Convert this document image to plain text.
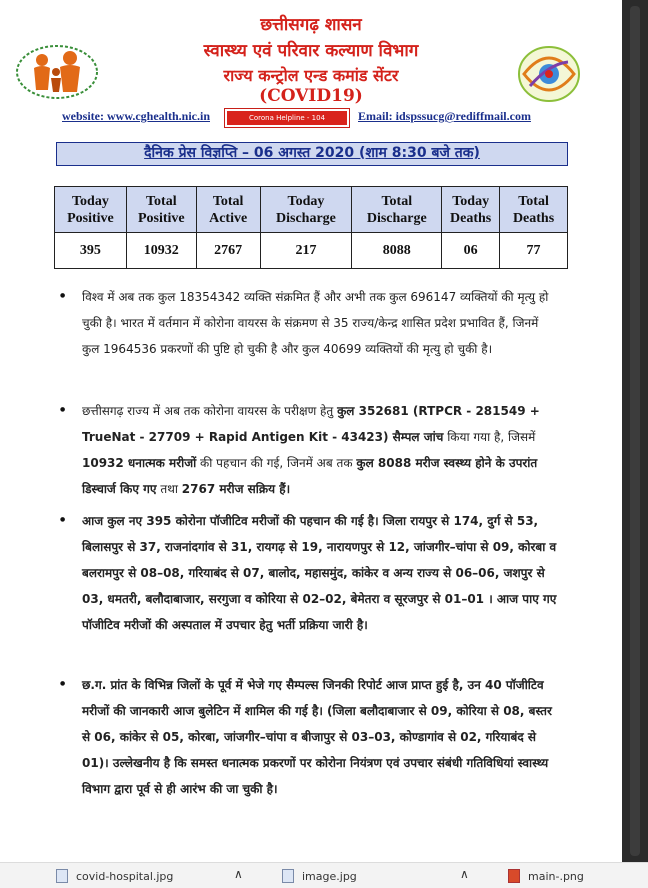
छत्तीसगढ़ शासन
स्वास्थ्य एवं परिवार कल्याण विभाग
राज्य कन्ट्रोल एन्ड कमांड सेंटर
(COVID19)
website: www.cghealth.nic.in	Corona Helpline - 104	Email: idspssucg@rediffmail.com
दैनिक प्रेस विज्ञप्ति – 06 अगस्त 2020 (शाम 8:30 बजे तक)
Today Positive	Total Positive	Total Active	Today Discharge	Total Discharge	Today Deaths	Total Deaths
395	10932	2767	217	8088	06	77
● विश्व में अब तक कुल 18354342 व्यक्ति संक्रमित हैं और अभी तक कुल 696147 व्यक्तियों की मृत्यु हो चुकी है। भारत में वर्तमान में कोरोना वायरस के संक्रमण से 35 राज्य/केन्द्र शासित प्रदेश प्रभावित हैं, जिनमें कुल 1964536 प्रकरणों की पुष्टि हो चुकी है और कुल 40699 व्यक्तियों की मृत्यु हो चुकी है।
● छत्तीसगढ़ राज्य में अब तक कोरोना वायरस के परीक्षण हेतु कुल 352681 (RTPCR - 281549 + TrueNat - 27709 + Rapid Antigen Kit - 43423) सैम्पल जांच किया गया है, जिसमें 10932 धनात्मक मरीजों की पहचान की गई, जिनमें अब तक कुल 8088 मरीज स्वस्थ्य होने के उपरांत डिस्चार्ज किए गए तथा 2767 मरीज सक्रिय हैं।
● आज कुल नए 395 कोरोना पॉजीटिव मरीजों की पहचान की गई है। जिला रायपुर से 174, दुर्ग से 53, बिलासपुर से 37, राजनांदगांव से 31, रायगढ़ से 19, नारायणपुर से 12, जांजगीर–चांपा से 09, कोरबा व बलरामपुर से 08–08, गरियाबंद से 07, बालोद, महासमुंद, कांकेर व अन्य राज्य से 06–06, जशपुर से 03, धमतरी, बलौदाबाजार, सरगुजा व कोरिया से 02–02, बेमेतरा व सूरजपुर से 01–01 । आज पाए गए पॉजीटिव मरीजों की अस्पताल में उपचार हेतु भर्ती प्रक्रिया जारी है।
● छ.ग. प्रांत के विभिन्न जिलों के पूर्व में भेजे गए सैम्पल्स जिनकी रिपोर्ट आज प्राप्त हुई है, उन 40 पॉजीटिव मरीजों की जानकारी आज बुलेटिन में शामिल की गई है। (जिला बलौदाबाजार से 09, कोरिया से 08, बस्तर से 06, कांकेर से 05, कोरबा, जांजगीर–चांपा व बीजापुर से 03–03, कोण्डागांव से 02, गरियाबंद से 01)। उल्लेखनीय है कि समस्त धनात्मक प्रकरणों पर कोरोना नियंत्रण एवं उपचार संबंधी गतिविधियां स्वास्थ्य विभाग द्वारा पूर्व से ही आरंभ की जा चुकी है।
covid-hospital.jpg	∧	image.jpg	∧	main-.png
